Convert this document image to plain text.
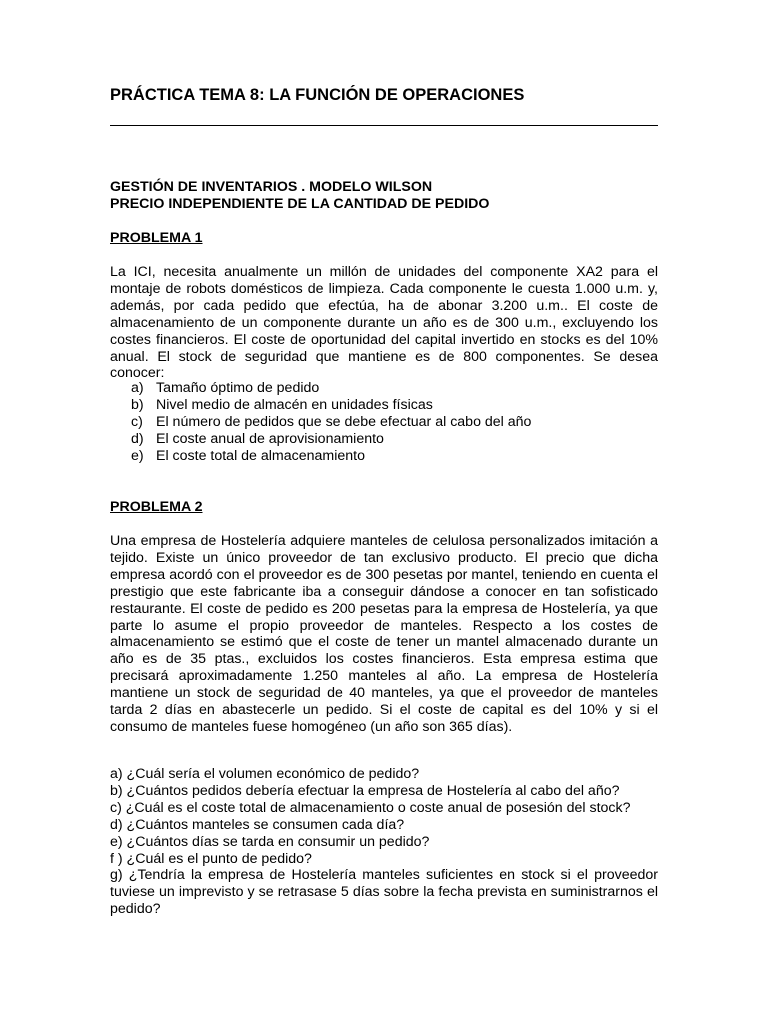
PRÁCTICA TEMA 8: LA FUNCIÓN DE OPERACIONES

GESTIÓN DE INVENTARIOS . MODELO WILSON

PRECIO INDEPENDIENTE DE LA CANTIDAD DE PEDIDO

PROBLEMA 1

La ICI, necesita anualmente un millón de unidades del componente XA2 para el montaje de robots domésticos de limpieza. Cada componente le cuesta 1.000 u.m. y, además, por cada pedido que efectúa, ha de abonar 3.200 u.m.. El coste de almacenamiento de un componente durante un año es de 300 u.m., excluyendo los costes financieros. El coste de oportunidad del capital invertido en stocks es del 10% anual. El stock de seguridad que mantiene es de 800 componentes. Se desea conocer:

a) Tamaño óptimo de pedido
b) Nivel medio de almacén en unidades físicas
c) El número de pedidos que se debe efectuar al cabo del año
d) El coste anual de aprovisionamiento
e) El coste total de almacenamiento

PROBLEMA 2

Una empresa de Hostelería adquiere manteles de celulosa personalizados imitación a tejido. Existe un único proveedor de tan exclusivo producto. El precio que dicha empresa acordó con el proveedor es de 300 pesetas por mantel, teniendo en cuenta el prestigio que este fabricante iba a conseguir dándose a conocer en tan sofisticado restaurante. El coste de pedido es 200 pesetas para la empresa de Hostelería, ya que parte lo asume el propio proveedor de manteles. Respecto a los costes de almacenamiento se estimó que el coste de tener un mantel almacenado durante un año es de 35 ptas., excluidos los costes financieros. Esta empresa estima que precisará aproximadamente 1.250 manteles al año. La empresa de Hostelería mantiene un stock de seguridad de 40 manteles, ya que el proveedor de manteles tarda 2 días en abastecerle un pedido. Si el coste de capital es del 10% y si el consumo de manteles fuese homogéneo (un año son 365 días).

a) ¿Cuál sería el volumen económico de pedido?
b) ¿Cuántos pedidos debería efectuar la empresa de Hostelería al cabo del año?
c) ¿Cuál es el coste total de almacenamiento o coste anual de posesión del stock?
d) ¿Cuántos manteles se consumen cada día?
e) ¿Cuántos días se tarda en consumir un pedido?
f ) ¿Cuál es el punto de pedido?
g) ¿Tendría la empresa de Hostelería manteles suficientes en stock si el proveedor tuviese un imprevisto y se retrasase 5 días sobre la fecha prevista en suministrarnos el pedido?
